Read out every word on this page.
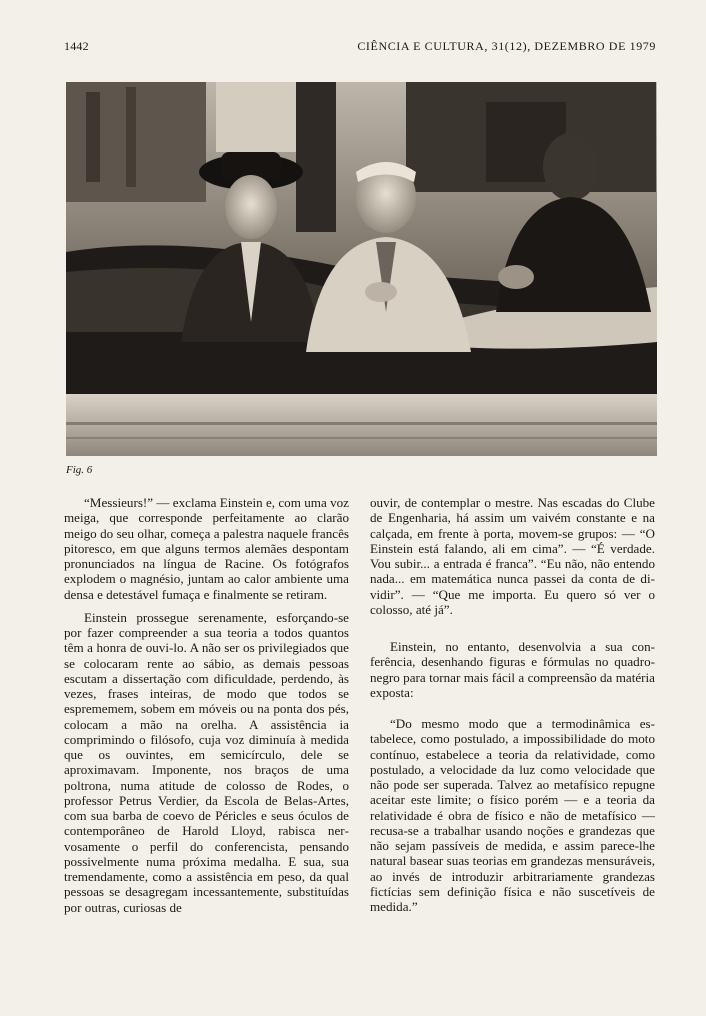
1442	CIÊNCIA E CULTURA, 31(12), DEZEMBRO DE 1979
Fig. 6

“Messieurs!” — exclama Einstein e, com uma voz meiga, que corresponde perfeitamente ao clarão meigo do seu olhar, começa a palestra naquele francês pitoresco, em que alguns termos alemães despontam pronunciados na língua de Racine. Os fotógrafos explodem o magnésio, juntam ao calor ambiente uma densa e detestável fumaça e finalmente se retiram.

Einstein prossegue serenamente, esforçando-se por fazer compreender a sua teoria a todos quantos têm a honra de ouvi-lo. A não ser os privilegiados que se colocaram rente ao sábio, as demais pessoas escutam a dissertação com dificuldade, perdendo, às vezes, frases inteiras, de modo que todos se esprememem, sobem em móveis ou na ponta dos pés, colocam a mão na orelha. A assistência ia comprimindo o filósofo, cuja voz diminuía à medida que os ouvintes, em semicírculo, dele se aproximavam. Imponente, nos braços de uma poltrona, numa atitude de colosso de Rodes, o professor Petrus Verdier, da Escola de Belas-Artes, com sua barba de coevo de Péricles e seus óculos de contemporâneo de Harold Lloyd, rabisca nervosamente o perfil do conferencista, pensando possivelmente numa próxima medalha. E sua, sua tremendamente, como a assistência em peso, da qual pessoas se desagregam incessantemente, substituídas por outras, curiosas de

ouvir, de contemplar o mestre. Nas escadas do Clube de Engenharia, há assim um vaivém constante e na calçada, em frente à porta, movem-se grupos: — “O Einstein está falando, ali em cima”. — “É verdade. Vou subir... a entrada é franca”. “Eu não, não entendo nada... em matemática nunca passei da conta de dividir”. — “Que me importa. Eu quero só ver o colosso, até já”.

Einstein, no entanto, desenvolvia a sua conferência, desenhando figuras e fórmulas no quadro-negro para tornar mais fácil a compreensão da matéria exposta:

“Do mesmo modo que a termodinâmica estabelece, como postulado, a impossibilidade do moto contínuo, estabelece a teoria da relatividade, como postulado, a velocidade da luz como velocidade que não pode ser superada. Talvez ao metafísico repugne aceitar este limite; o físico porém — e a teoria da relatividade é obra de físico e não de metafísico — recusa-se a trabalhar usando noções e grandezas que não sejam passíveis de medida, e assim parece-lhe natural basear suas teorias em grandezas mensuráveis, ao invés de introduzir arbitrariamente grandezas fictícias sem definição física e não suscetíveis de medida.”
